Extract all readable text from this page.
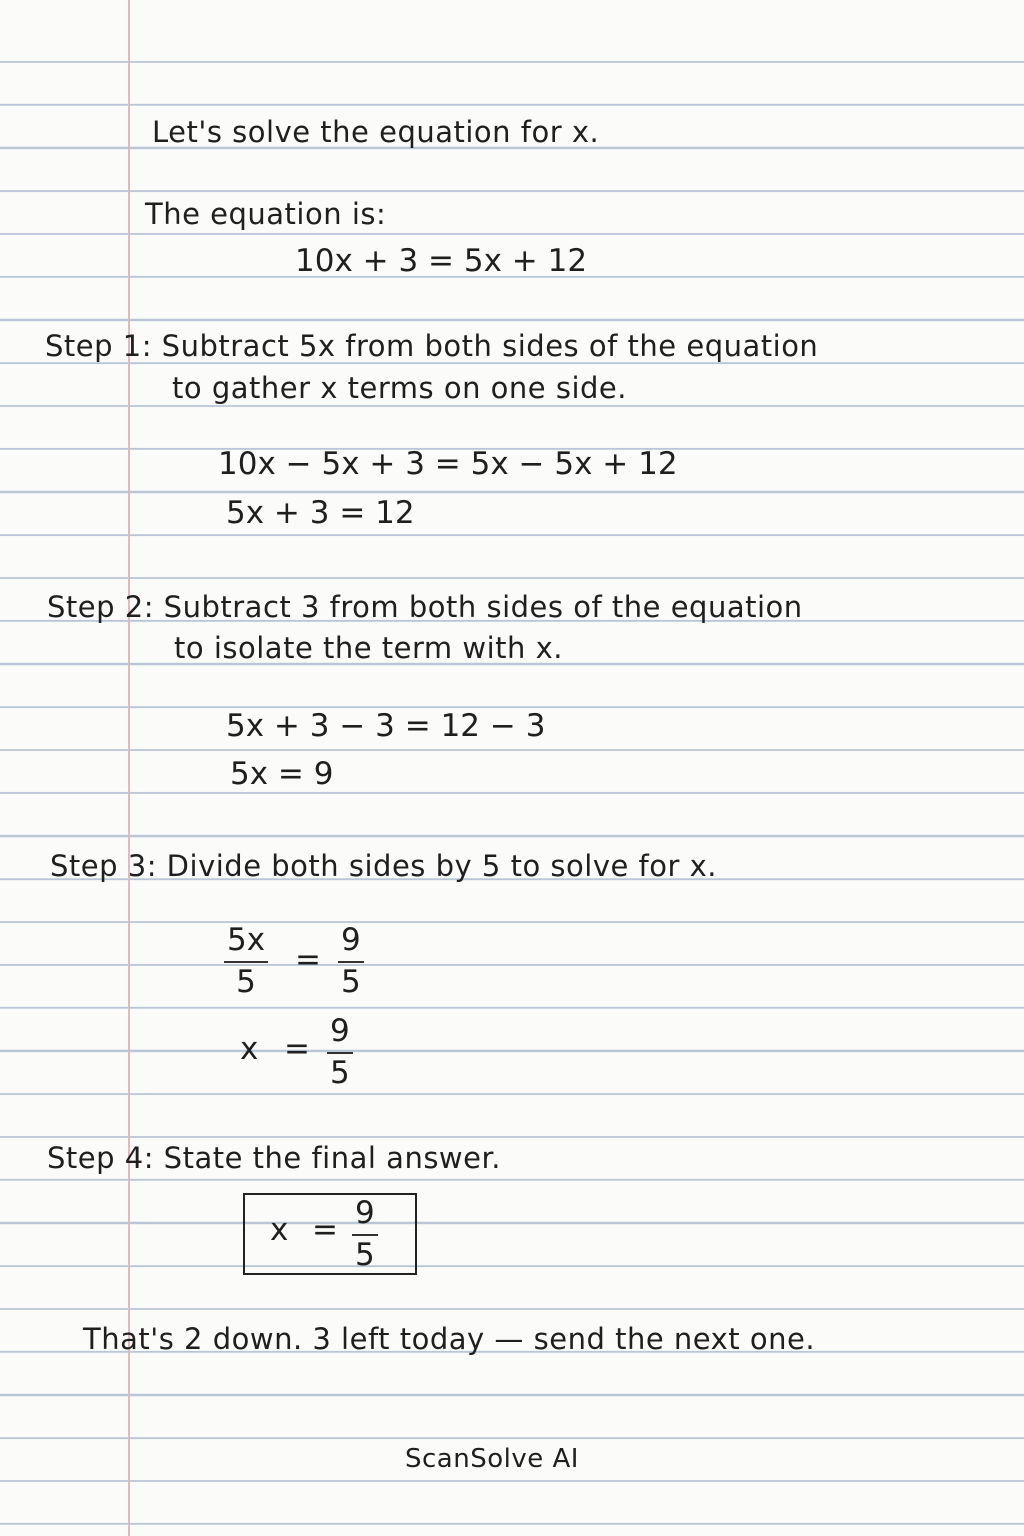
Let's solve the equation for x.
The equation is:
10x + 3 = 5x + 12
Step 1: Subtract 5x from both sides of the equation
to gather x terms on one side.
10x − 5x + 3 = 5x − 5x + 12
5x + 3 = 12
Step 2: Subtract 3 from both sides of the equation
to isolate the term with x.
5x + 3 − 3 = 12 − 3
5x = 9
Step 3: Divide both sides by 5 to solve for x.
$\frac{5x}{5} = \frac{9}{5}$
$x = \frac{9}{5}$
Step 4: State the final answer.
$x = \frac{9}{5}$
That's 2 down. 3 left today — send the next one.
ScanSolve AI
